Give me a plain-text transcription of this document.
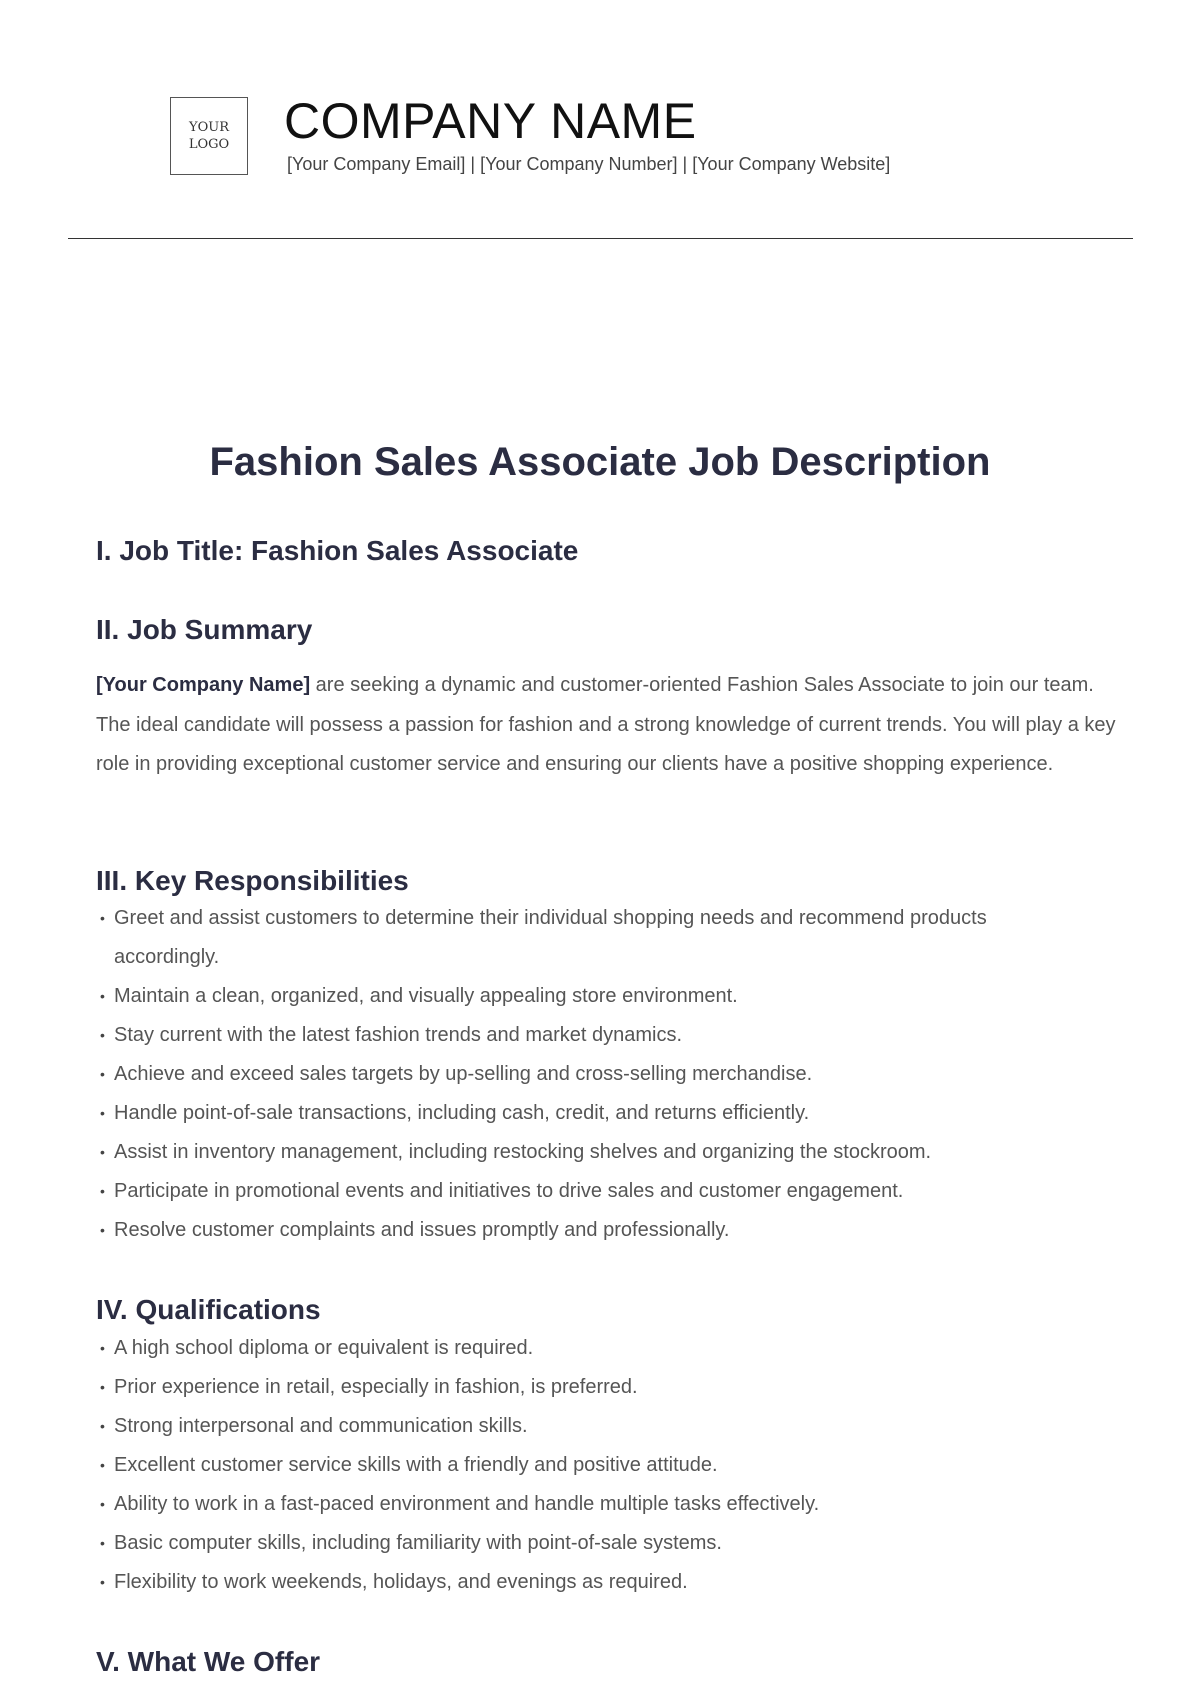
YOUR
LOGO COMPANY NAME
[Your Company Email] | [Your Company Number] | [Your Company Website]
Fashion Sales Associate Job Description
I. Job Title: Fashion Sales Associate
II. Job Summary

[Your Company Name] are seeking a dynamic and customer-oriented Fashion Sales Associate to join our team. The ideal candidate will possess a passion for fashion and a strong knowledge of current trends. You will play a key role in providing exceptional customer service and ensuring our clients have a positive shopping experience.

III. Key Responsibilities
• Greet and assist customers to determine their individual shopping needs and recommend products accordingly.
• Maintain a clean, organized, and visually appealing store environment.
• Stay current with the latest fashion trends and market dynamics.
• Achieve and exceed sales targets by up-selling and cross-selling merchandise.
• Handle point-of-sale transactions, including cash, credit, and returns efficiently.
• Assist in inventory management, including restocking shelves and organizing the stockroom.
• Participate in promotional events and initiatives to drive sales and customer engagement.
• Resolve customer complaints and issues promptly and professionally.
IV. Qualifications
• A high school diploma or equivalent is required.
• Prior experience in retail, especially in fashion, is preferred.
• Strong interpersonal and communication skills.
• Excellent customer service skills with a friendly and positive attitude.
• Ability to work in a fast-paced environment and handle multiple tasks effectively.
• Basic computer skills, including familiarity with point-of-sale systems.
• Flexibility to work weekends, holidays, and evenings as required.
V. What We Offer
